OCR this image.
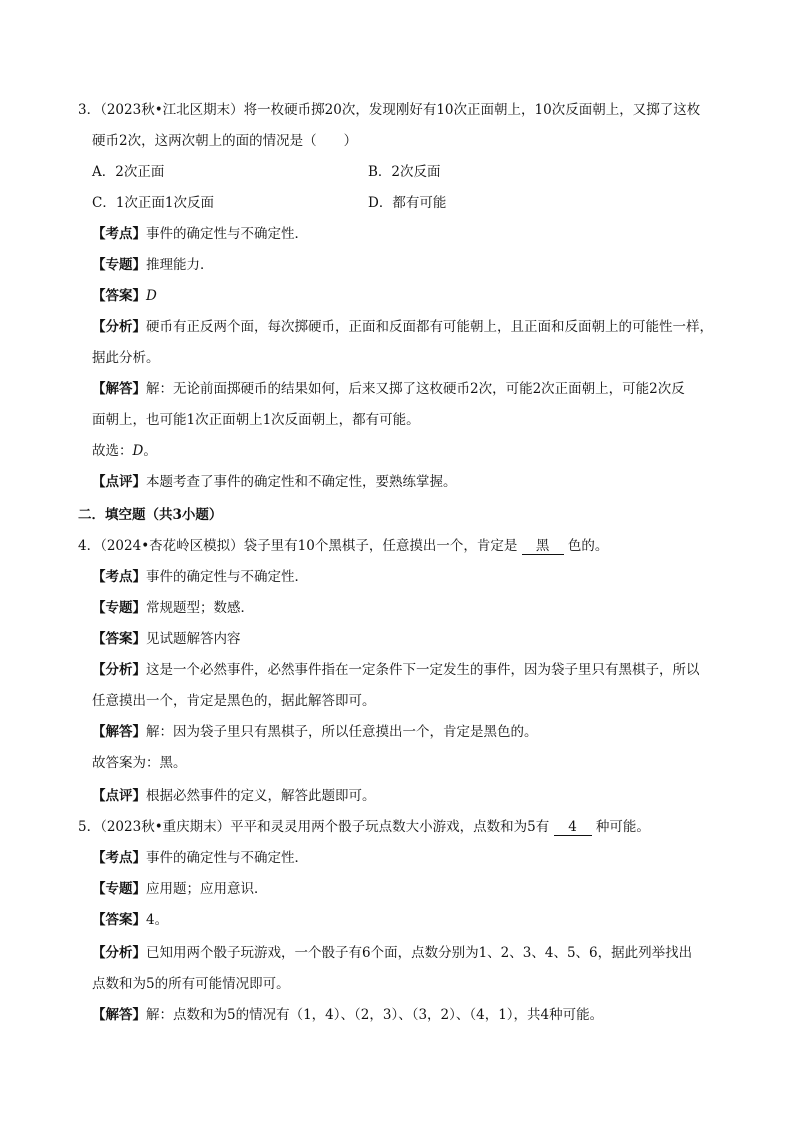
3．（2023秋•江北区期末）将一枚硬币掷20次，发现刚好有10次正面朝上，10次反面朝上，又掷了这枚
硬币2次，这两次朝上的面的情况是（　　）
A．2次正面	B．2次反面
C．1次正面1次反面	D．都有可能
【考点】事件的确定性与不确定性．
【专题】推理能力．
【答案】D
【分析】硬币有正反两个面，每次掷硬币，正面和反面都有可能朝上，且正面和反面朝上的可能性一样，
据此分析。
【解答】解：无论前面掷硬币的结果如何，后来又掷了这枚硬币2次，可能2次正面朝上，可能2次反
面朝上，也可能1次正面朝上1次反面朝上，都有可能。
故选：D。
【点评】本题考查了事件的确定性和不确定性，要熟练掌握。
二．填空题（共3小题）
4．（2024•杏花岭区模拟）袋子里有10个黑棋子，任意摸出一个，肯定是 黑 色的。
【考点】事件的确定性与不确定性．
【专题】常规题型；数感．
【答案】见试题解答内容
【分析】这是一个必然事件，必然事件指在一定条件下一定发生的事件，因为袋子里只有黑棋子，所以
任意摸出一个，肯定是黑色的，据此解答即可。
【解答】解：因为袋子里只有黑棋子，所以任意摸出一个，肯定是黑色的。
故答案为：黑。
【点评】根据必然事件的定义，解答此题即可。
5．（2023秋•重庆期末）平平和灵灵用两个骰子玩点数大小游戏，点数和为5有 4 种可能。
【考点】事件的确定性与不确定性．
【专题】应用题；应用意识．
【答案】4。
【分析】已知用两个骰子玩游戏，一个骰子有6个面，点数分别为1、2、3、4、5、6，据此列举找出
点数和为5的所有可能情况即可。
【解答】解：点数和为5的情况有（1，4）、（2，3）、（3，2）、（4，1），共4种可能。
